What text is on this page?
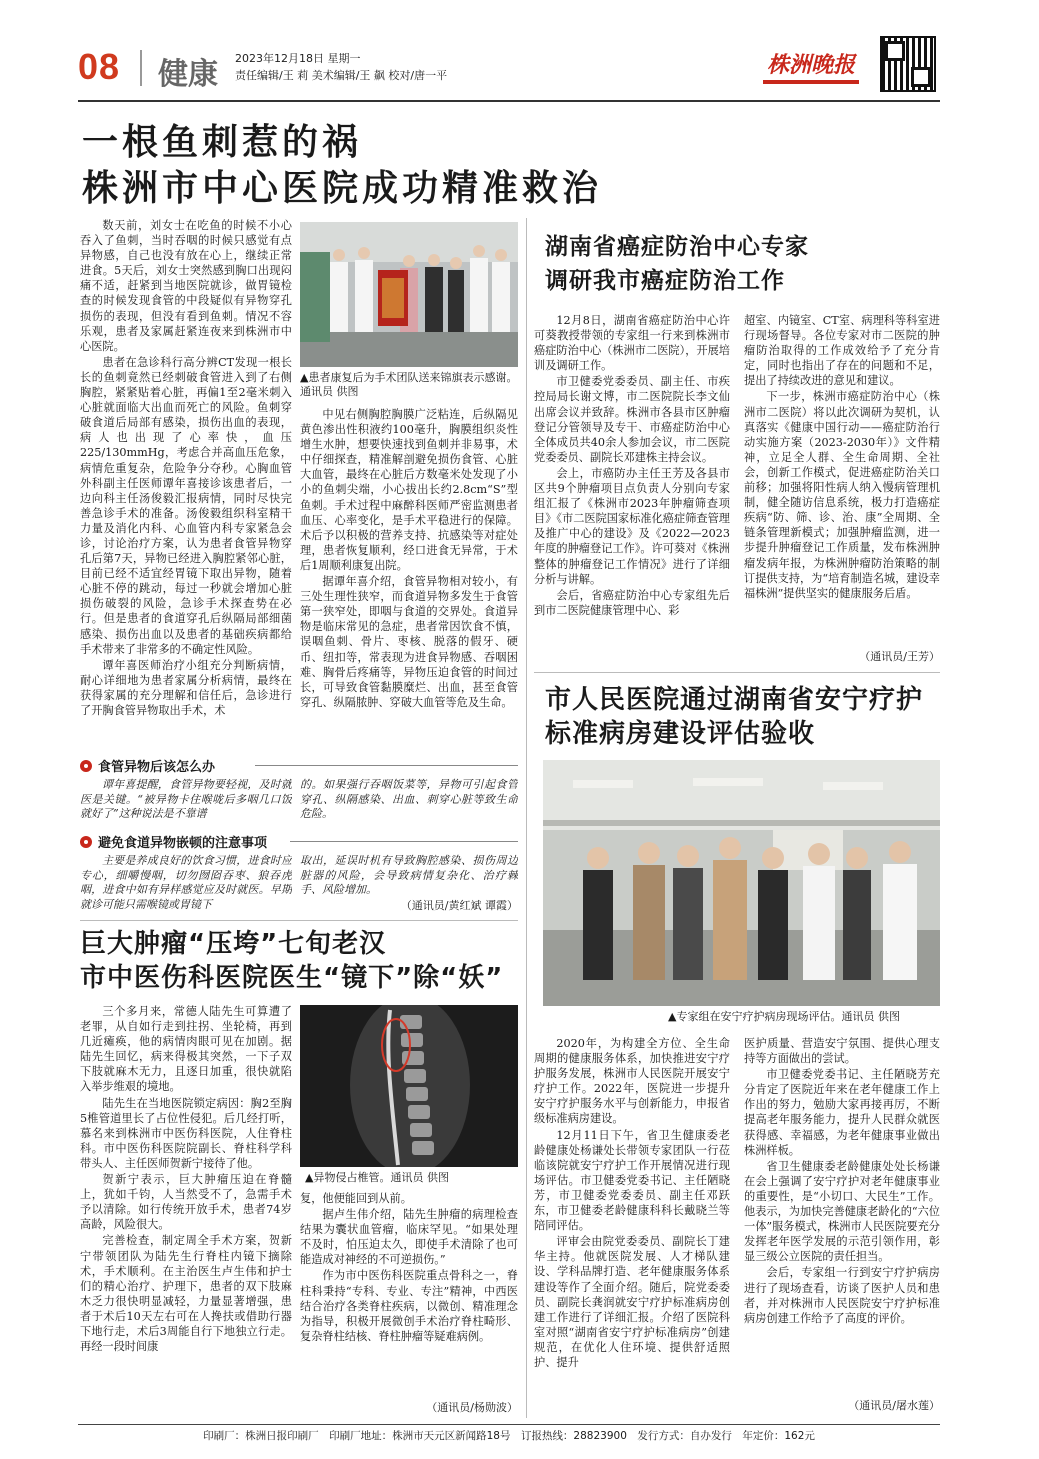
08 健康 2023年12月18日 星期一
责任编辑/王 莉 美术编辑/王 飙 校对/唐一平	株洲晚报
一根鱼刺惹的祸
株洲市中心医院成功精准救治

数天前，刘女士在吃鱼的时候不小心吞入了鱼刺，当时吞咽的时候只感觉有点异物感，自己也没有放在心上，继续正常进食。5天后，刘女士突然感到胸口出现闷痛不适，赶紧到当地医院就诊，做胃镜检查的时候发现食管的中段疑似有异物穿孔损伤的表现，但没有看到鱼刺。情况不容乐观，患者及家属赶紧连夜来到株洲市中心医院。

患者在急诊科行高分辨CT发现一根长长的鱼刺竟然已经刺破食管进入到了右侧胸腔，紧紧贴着心脏，再偏1至2毫米刺入心脏就面临大出血而死亡的风险。鱼刺穿破食道后局部有感染，损伤出血的表现，病人也出现了心率快，血压225/130mmHg，考虑合并高血压危象，病情危重复杂，危险争分夺秒。心胸血管外科副主任医师谭年喜接诊该患者后，一边向科主任汤俊毅汇报病情，同时尽快完善急诊手术的准备。汤俊毅组织科室精干力量及消化内科、心血管内科专家紧急会诊，讨论治疗方案，认为患者食管异物穿孔后第7天，异物已经进入胸腔紧邻心脏，目前已经不适宜经胃镜下取出异物，随着心脏不停的跳动，每过一秒就会增加心脏损伤破裂的风险，急诊手术探查势在必行。但是患者的食道穿孔后纵隔局部细菌感染、损伤出血以及患者的基础疾病都给手术带来了非常多的不确定性风险。

谭年喜医师治疗小组充分判断病情，耐心详细地为患者家属分析病情，最终在获得家属的充分理解和信任后，急诊进行了开胸食管异物取出手术，术

▲患者康复后为手术团队送来锦旗表示感谢。通讯员 供图

中见右侧胸腔胸膜广泛粘连，后纵隔见黄色渗出性积液约100毫升，胸膜组织炎性增生水肿，想要快速找到鱼刺并非易事，术中仔细探查，精准解剖避免损伤食管、心脏大血管，最终在心脏后方数毫米处发现了小小的鱼刺尖端，小心拔出长约2.8cm“S”型鱼刺。手术过程中麻醉科医师严密监测患者血压、心率变化，是手术平稳进行的保障。术后予以积极的营养支持、抗感染等对症处理，患者恢复顺利，经口进食无异常，于术后1周顺利康复出院。

据谭年喜介绍，食管异物相对较小，有三处生理性狭窄，而食道异物多发生于食管第一狭窄处，即咽与食道的交界处。食道异物是临床常见的急症，患者常因饮食不慎，误咽鱼刺、骨片、枣核、脱落的假牙、硬币、纽扣等，常表现为进食异物感、吞咽困难、胸骨后疼痛等，异物压迫食管的时间过长，可导致食管黏膜糜烂、出血，甚至食管穿孔、纵隔脓肿、穿破大血管等危及生命。

食管异物后该怎么办

谭年喜提醒，食管异物要轻视，及时就医是关键。“被异物卡住喉咙后多咽几口饭就好了”这种说法是不靠谱

的。如果强行吞咽饭菜等，异物可引起食管穿孔、纵隔感染、出血、刺穿心脏等致生命危险。

避免食道异物嵌顿的注意事项

主要是养成良好的饮食习惯，进食时应专心，细嚼慢咽，切勿囫囵吞枣、狼吞虎咽，进食中如有异样感觉应及时就医。早期就诊可能只需喉镜或胃镜下

取出，延误时机有导致胸腔感染、损伤周边脏器的风险，会导致病情复杂化、治疗棘手、风险增加。

（通讯员/黄红斌 谭霞）
巨大肿瘤“压垮”七旬老汉
市中医伤科医院医生“镜下”除“妖”

三个多月来，常德人陆先生可算遭了老罪，从自如行走到拄拐、坐轮椅，再到几近瘫痪，他的病情肉眼可见在加剧。据陆先生回忆，病来得极其突然，一下子双下肢就麻木无力，且逐日加重，很快就陷入举步维艰的境地。

陆先生在当地医院锁定病因：胸2至胸5椎管道里长了占位性侵犯。后几经打听，慕名来到株洲市中医伤科医院，人住脊柱科。市中医伤科医院院副长、脊柱科学科带头人、主任医师贺新宁接待了他。

贺新宁表示，巨大肿瘤压迫在脊髓上，犹如千钧，人当然受不了，急需手术予以清除。如行传统开放手术，患者74岁高龄，风险很大。

完善检查，制定周全手术方案，贺新宁带领团队为陆先生行脊柱内镜下摘除术，手术顺利。在主治医生卢生伟和护士们的精心治疗、护理下，患者的双下肢麻木乏力很快明显减轻，力量显著增强，患者于术后10天左右可在人搀扶或借助行器下地行走，术后3周能自行下地独立行走。再经一段时间康

▲异物侵占椎管。通讯员 供图

复，他便能回到从前。

据卢生伟介绍，陆先生肿瘤的病理检查结果为囊状血管瘤，临床罕见。“如果处理不及时，怕压迫太久，即使手术清除了也可能造成对神经的不可逆损伤。”

作为市中医伤科医院重点骨科之一，脊柱科秉持“专科、专业、专注”精神，中西医结合治疗各类脊柱疾病，以微创、精准理念为指导，积极开展微创手术治疗脊柱畸形、复杂脊柱结核、脊柱肿瘤等疑难病例。

（通讯员/杨勋波）
湖南省癌症防治中心专家
调研我市癌症防治工作

12月8日，湖南省癌症防治中心许可葵教授带领的专家组一行来到株洲市癌症防治中心（株洲市二医院），开展培训及调研工作。

市卫健委党委委员、副主任、市疾控局局长谢文博，市二医院院长李文仙出席会议并致辞。株洲市各县市区肿瘤登记分管领导及专干、市癌症防治中心全体成员共40余人参加会议，市二医院党委委员、副院长邓建株主持会议。

会上，市癌防办主任王芳及各县市区共9个肿瘤项目点负责人分别向专家组汇报了《株洲市2023年肿瘤筛查项目》《市二医院国家标准化癌症筛查管理及推广中心的建设》及《2022—2023年度的肿瘤登记工作》。许可葵对《株洲整体的肿瘤登记工作情况》进行了详细分析与讲解。

会后，省癌症防治中心专家组先后到市二医院健康管理中心、彩

超室、内镜室、CT室、病理科等科室进行现场督导。各位专家对市二医院的肿瘤防治取得的工作成效给予了充分肯定，同时也指出了存在的问题和不足，提出了持续改进的意见和建议。

下一步，株洲市癌症防治中心（株洲市二医院）将以此次调研为契机，认真落实《健康中国行动——癌症防治行动实施方案（2023-2030年）》文件精神，立足全人群、全生命周期、全社会，创新工作模式，促进癌症防治关口前移；加强将阳性病人纳入慢病管理机制，健全随访信息系统，极力打造癌症疾病“防、筛、诊、治、康”全周期、全链条管理新模式；加强肿瘤监测，进一步提升肿瘤登记工作质量，发布株洲肿瘤发病年报，为株洲肿瘤防治策略的制订提供支持，为“培育制造名城，建设幸福株洲”提供坚实的健康服务后盾。

（通讯员/王芳）
市人民医院通过湖南省安宁疗护
标准病房建设评估验收
▲专家组在安宁疗护病房现场评估。通讯员 供图

2020年，为构建全方位、全生命周期的健康服务体系，加快推进安宁疗护服务发展，株洲市人民医院开展安宁疗护工作。2022年，医院进一步提升安宁疗护服务水平与创新能力，申报省级标准病房建设。

12月11日下午，省卫生健康委老龄健康处杨谦处长带领专家团队一行莅临该院就安宁疗护工作开展情况进行现场评估。市卫健委党委书记、主任陋晓芳，市卫健委党委委员、副主任邓跃东，市卫健委老龄健康科科长戴晓兰等陪同评估。

评审会由院党委委员、副院长丁建华主持。他就医院发展、人才梯队建设、学科品牌打造、老年健康服务体系建设等作了全面介绍。随后，院党委委员、副院长龚润就安宁疗护标准病房创建工作进行了详细汇报。介绍了医院科室对照“湖南省安宁疗护标准病房”创建规范，在优化人住环境、提供舒适照护、提升

医护质量、营造安宁氛围、提供心理支持等方面做出的尝试。

市卫健委党委书记、主任陋晓芳充分肯定了医院近年来在老年健康工作上作出的努力，勉励大家再接再厉，不断提高老年服务能力，提升人民群众就医获得感、幸福感，为老年健康事业做出株洲样板。

省卫生健康委老龄健康处处长杨谦在会上强调了安宁疗护对老年健康事业的重要性，是“小切口、大民生”工作。他表示，为加快完善健康老龄化的“六位一体”服务模式，株洲市人民医院要充分发挥老年医学发展的示范引领作用，彰显三级公立医院的责任担当。

会后，专家组一行到安宁疗护病房进行了现场查看，访谈了医护人员和患者，并对株洲市人民医院安宁疗护标准病房创建工作给予了高度的评价。

（通讯员/屠水莲）
印刷厂：株洲日报印刷厂　印刷厂地址：株洲市天元区新闻路18号　订报热线：28823900　发行方式：自办发行　年定价：162元
